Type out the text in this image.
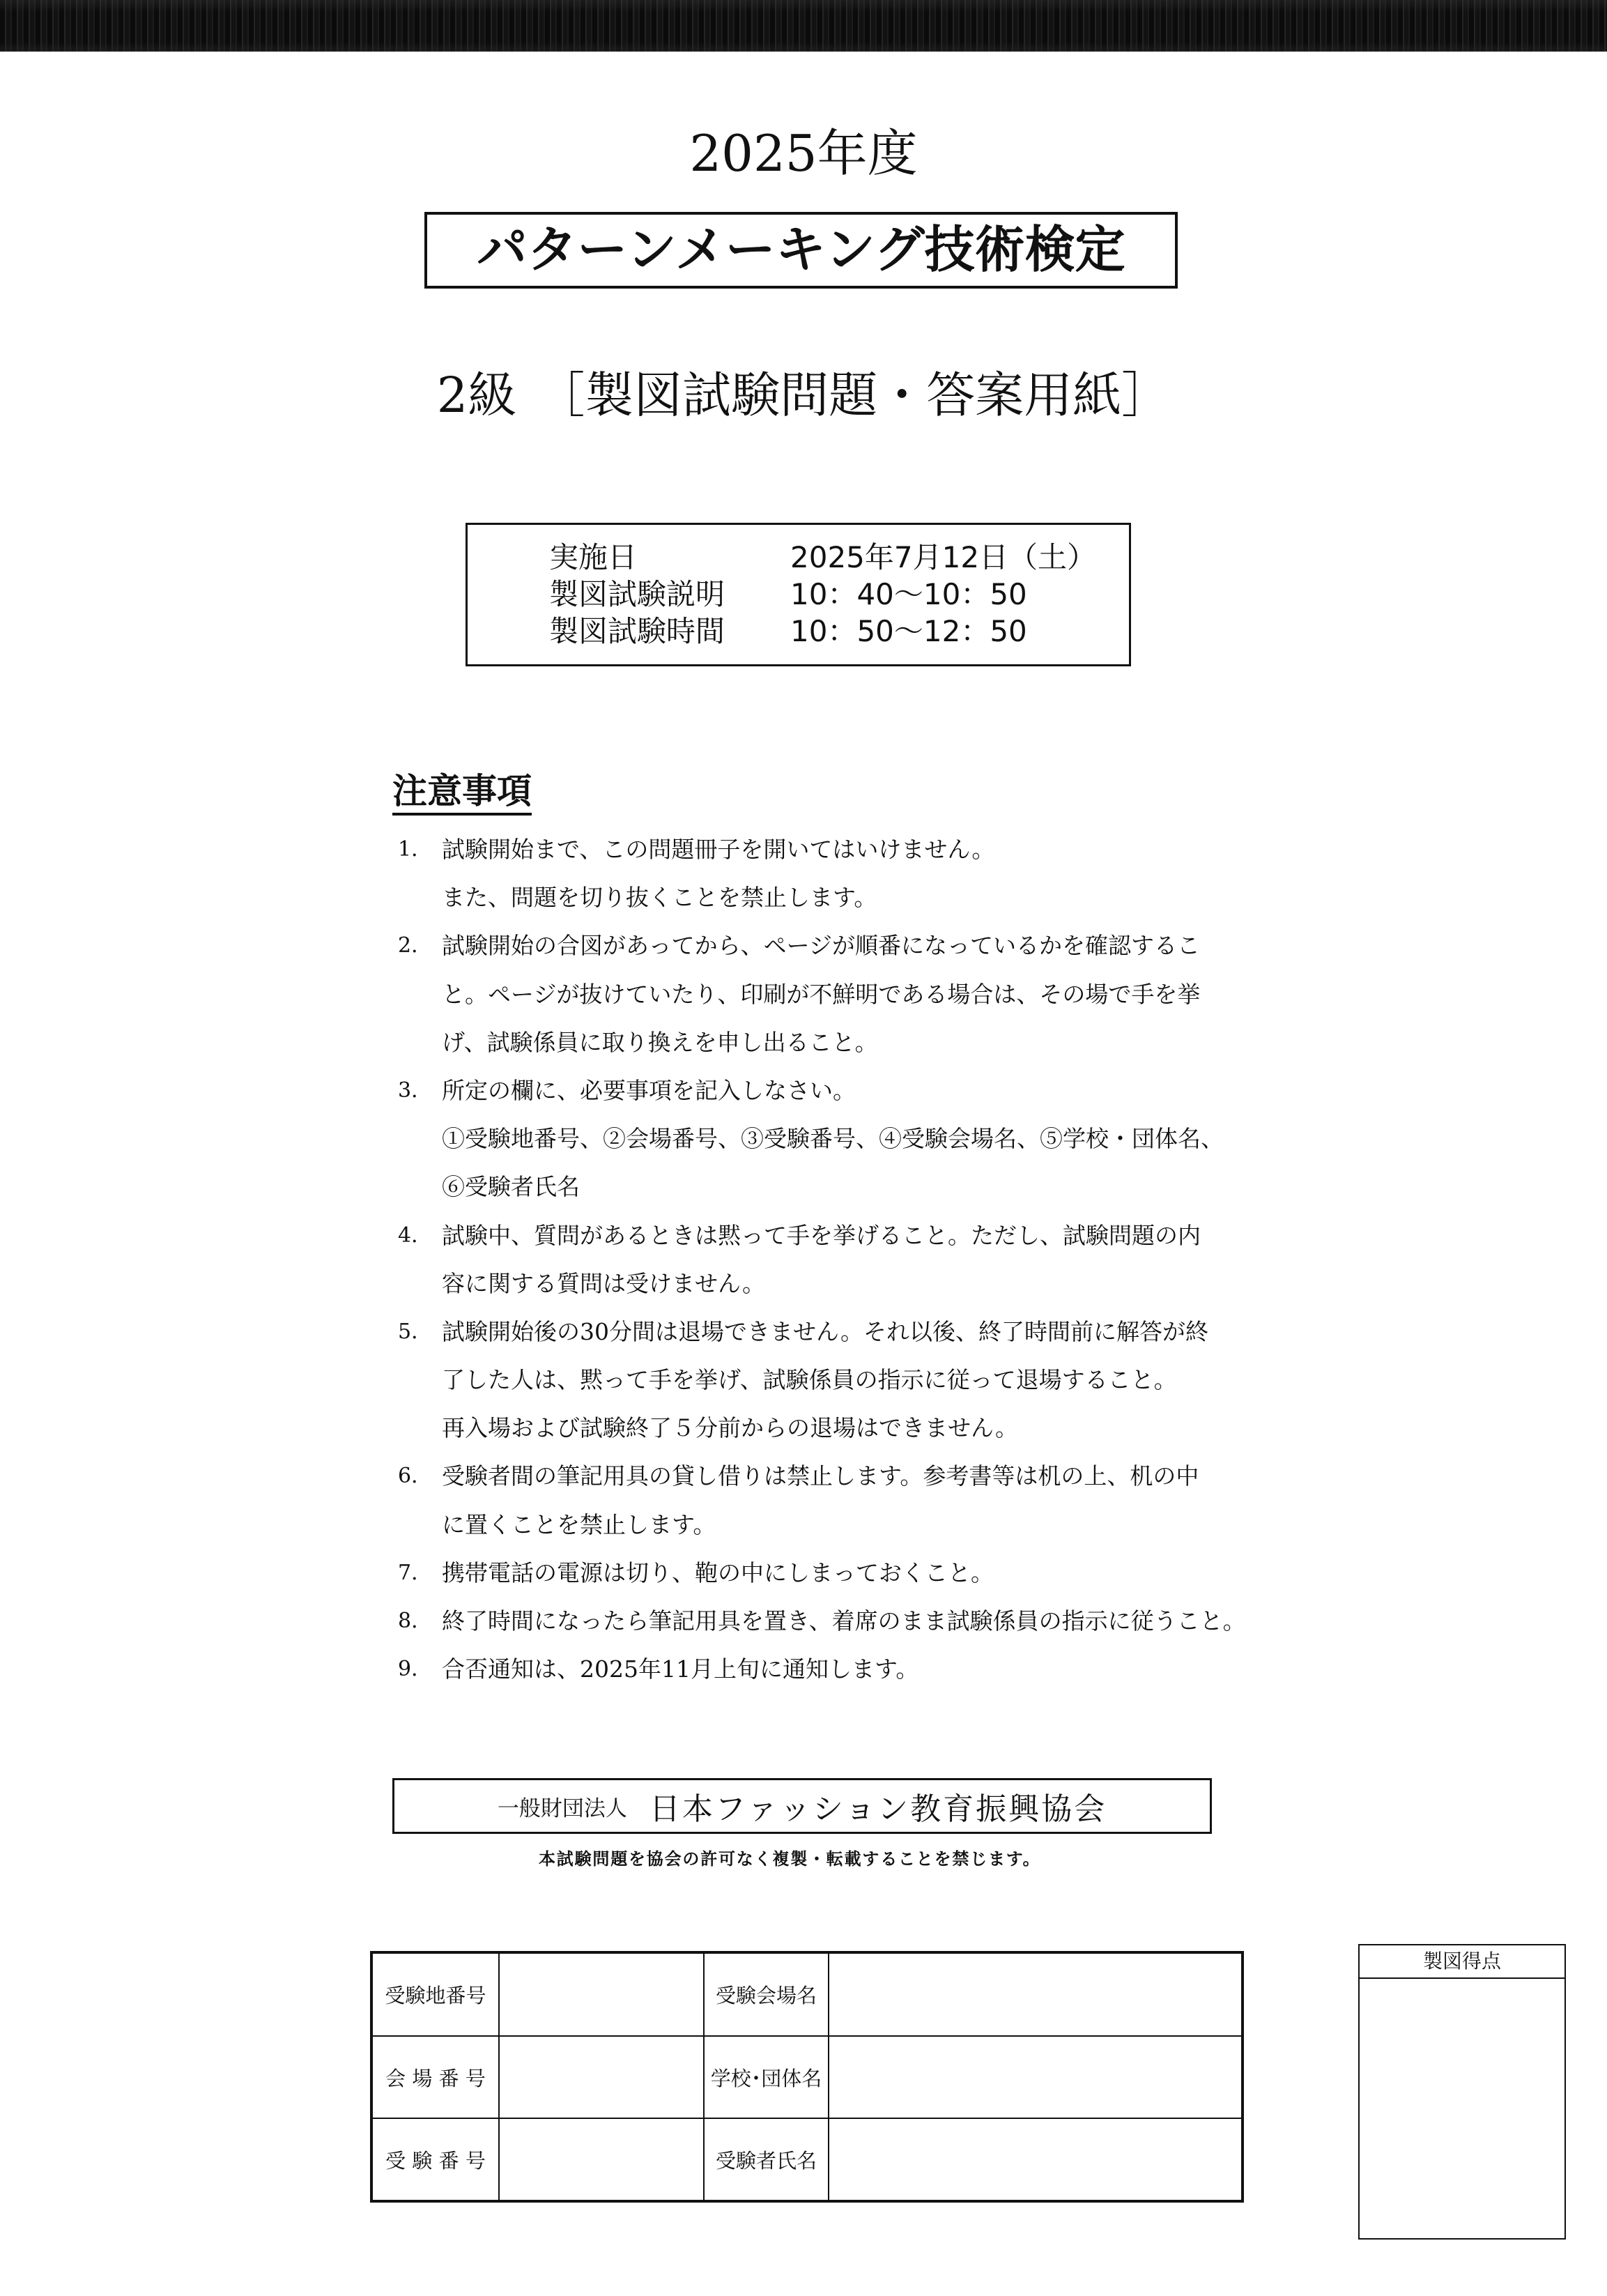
2025年度
パターンメーキング技術検定
2級 ［製図試験問題・答案用紙］
実施日	2025年7月12日（土）
製図試験説明 10：40〜10：50
製図試験時間 10：50〜12：50
注意事項
1． 試験開始まで、この問題冊子を開いてはいけません。
また、問題を切り抜くことを禁止します。
2． 試験開始の合図があってから、ページが順番になっているかを確認するこ
と。ページが抜けていたり、印刷が不鮮明である場合は、その場で手を挙
げ、試験係員に取り換えを申し出ること。
3． 所定の欄に、必要事項を記入しなさい。
①受験地番号、②会場番号、③受験番号、④受験会場名、⑤学校・団体名、
⑥受験者氏名
4． 試験中、質問があるときは黙って手を挙げること。ただし、試験問題の内
容に関する質問は受けません。
5． 試験開始後の30分間は退場できません。それ以後、終了時間前に解答が終
了した人は、黙って手を挙げ、試験係員の指示に従って退場すること。
再入場および試験終了５分前からの退場はできません。
6． 受験者間の筆記用具の貸し借りは禁止します。参考書等は机の上、机の中
に置くことを禁止します。
7． 携帯電話の電源は切り、鞄の中にしまっておくこと。
8． 終了時間になったら筆記用具を置き、着席のまま試験係員の指示に従うこと。
9． 合否通知は、2025年11月上旬に通知します。
一般財団法人 日本ファッション教育振興協会
本試験問題を協会の許可なく複製・転載することを禁じます。
受験地番号		受験会場名	
会 場 番 号		学校･団体名	
受 験 番 号		受験者氏名	
製図得点
